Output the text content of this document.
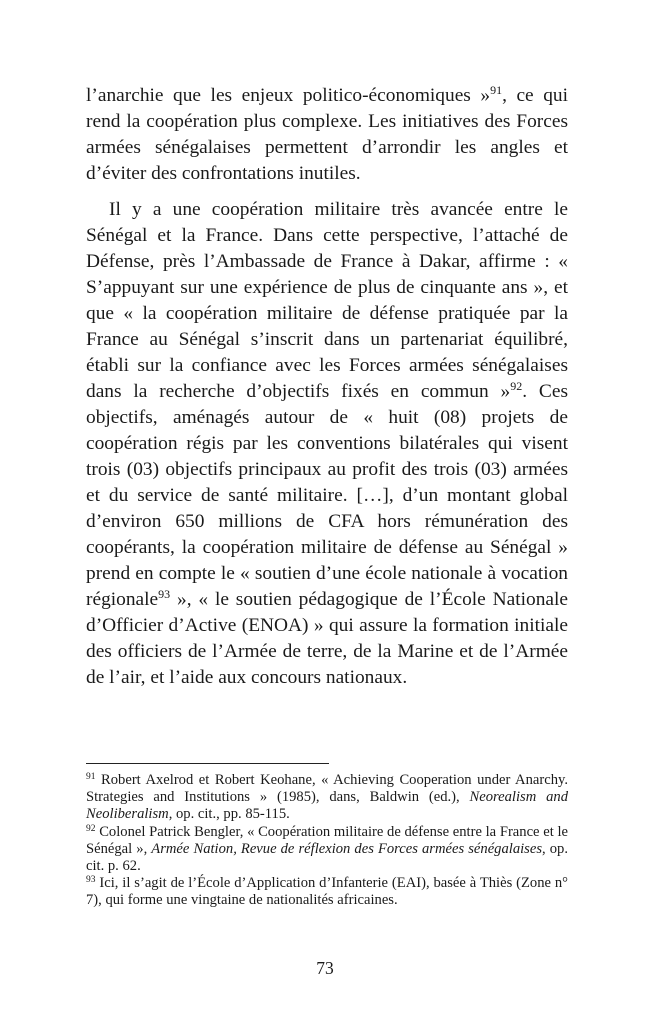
l’anarchie que les enjeux politico-économiques »$^{91}$, ce qui rend la coopération plus complexe. Les initiatives des Forces armées sénégalaises permettent d’arrondir les angles et d’éviter des confrontations inutiles.

Il y a une coopération militaire très avancée entre le Sénégal et la France. Dans cette perspective, l’attaché de Défense, près l’Ambassade de France à Dakar, affirme : « S’appuyant sur une expérience de plus de cinquante ans », et que « la coopération militaire de défense pratiquée par la France au Sénégal s’inscrit dans un partenariat équilibré, établi sur la confiance avec les Forces armées sénégalaises dans la recherche d’objectifs fixés en commun »$^{92}$. Ces objectifs, aménagés autour de « huit (08) projets de coopération régis par les conventions bilatérales qui visent trois (03) objectifs principaux au profit des trois (03) armées et du service de santé militaire. […], d’un montant global d’environ 650 millions de CFA hors rémunération des coopérants, la coopération militaire de défense au Sénégal » prend en compte le « soutien d’une école nationale à vocation régionale$^{93}$ », « le soutien pédagogique de l’École Nationale d’Officier d’Active (ENOA) » qui assure la formation initiale des officiers de l’Armée de terre, de la Marine et de l’Armée de l’air, et l’aide aux concours nationaux.

$^{91}$ Robert Axelrod et Robert Keohane, « Achieving Cooperation under Anarchy. Strategies and Institutions » (1985), dans, Baldwin (ed.), Neorealism and Neoliberalism, op. cit., pp. 85-115.

$^{92}$ Colonel Patrick Bengler, « Coopération militaire de défense entre la France et le Sénégal », Armée Nation, Revue de réflexion des Forces armées sénégalaises, op. cit. p. 62.

$^{93}$ Ici, il s’agit de l’École d’Application d’Infanterie (EAI), basée à Thiès (Zone n° 7), qui forme une vingtaine de nationalités africaines.

73
